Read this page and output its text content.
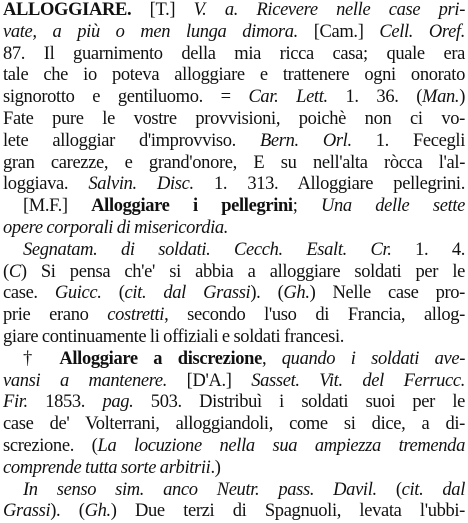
ALLOGGIARE. [T.] V. a. Ricevere nelle case pri-
vate, a più o men lunga dimora. [Cam.] Cell. Oref.
87. Il guarnimento della mia ricca casa; quale era
tale che io poteva alloggiare e trattenere ogni onorato
signorotto e gentiluomo. = Car. Lett. 1. 36. (Man.)
Fate pure le vostre provvisioni, poichè non ci vo-
lete alloggiar d'improvviso. Bern. Orl. 1. Fecegli
gran carezze, e grand'onore, E su nell'alta ròcca l'al-
loggiava. Salvin. Disc. 1. 313. Alloggiare pellegrini.
[M.F.] Alloggiare i pellegrini; Una delle sette
opere corporali di misericordia.
Segnatam. di soldati. Cecch. Esalt. Cr. 1. 4.
(C) Si pensa ch'e' si abbia a alloggiare soldati per le
case. Guicc. (cit. dal Grassi). (Gh.) Nelle case pro-
prie erano costretti, secondo l'uso di Francia, allog-
giare continuamente li offiziali e soldati francesi.
† Alloggiare a discrezione, quando i soldati ave-
vansi a mantenere. [D'A.] Sasset. Vit. del Ferrucc.
Fir. 1853. pag. 503. Distribuì i soldati suoi per le
case de' Volterrani, alloggiandoli, come si dice, a di-
screzione. (La locuzione nella sua ampiezza tremenda
comprende tutta sorte arbitrii.)
In senso sim. anco Neutr. pass. Davil. (cit. dal
Grassi). (Gh.) Due terzi di Spagnuoli, levata l'ubbi-
